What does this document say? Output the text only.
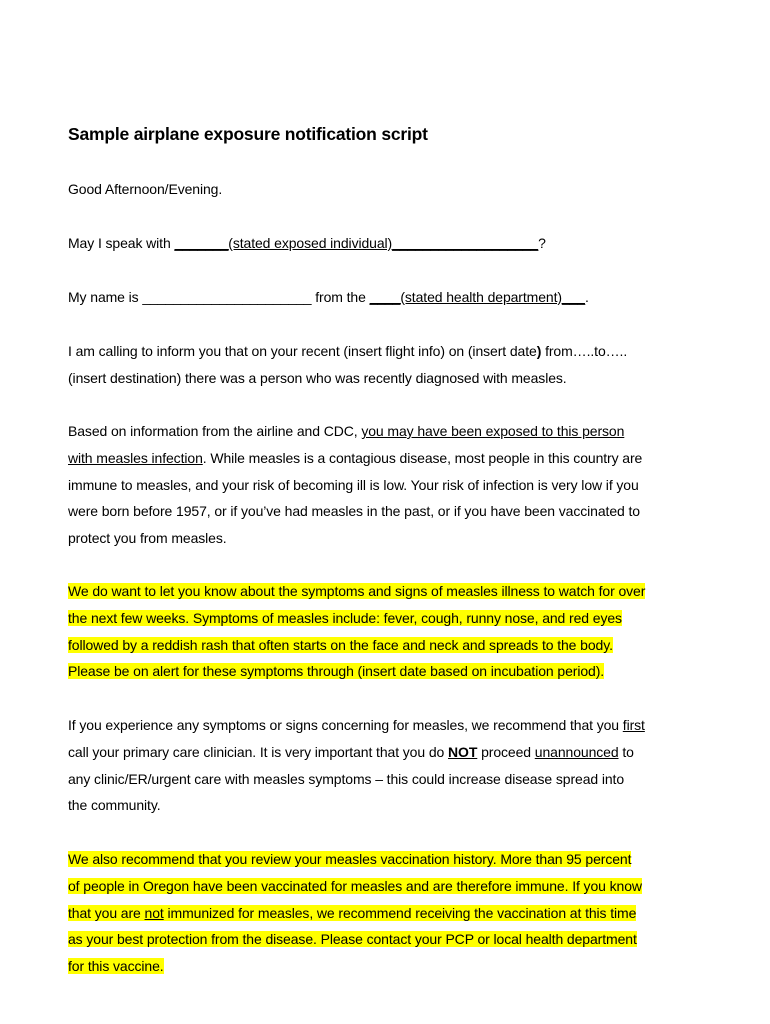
Sample airplane exposure notification script

Good Afternoon/Evening.

May I speak with _______(stated exposed individual)___________________?

My name is ______________________ from the ____(stated health department)___.

I am calling to inform you that on your recent (insert flight info) on (insert date) from…..to…..
(insert destination) there was a person who was recently diagnosed with measles.

Based on information from the airline and CDC, you may have been exposed to this person
with measles infection. While measles is a contagious disease, most people in this country are
immune to measles, and your risk of becoming ill is low. Your risk of infection is very low if you
were born before 1957, or if you’ve had measles in the past, or if you have been vaccinated to
protect you from measles.

We do want to let you know about the symptoms and signs of measles illness to watch for over
the next few weeks. Symptoms of measles include: fever, cough, runny nose, and red eyes
followed by a reddish rash that often starts on the face and neck and spreads to the body.
Please be on alert for these symptoms through (insert date based on incubation period).

If you experience any symptoms or signs concerning for measles, we recommend that you first
call your primary care clinician. It is very important that you do NOT proceed unannounced to
any clinic/ER/urgent care with measles symptoms – this could increase disease spread into
the community.

We also recommend that you review your measles vaccination history. More than 95 percent
of people in Oregon have been vaccinated for measles and are therefore immune. If you know
that you are not immunized for measles, we recommend receiving the vaccination at this time
as your best protection from the disease. Please contact your PCP or local health department
for this vaccine.
